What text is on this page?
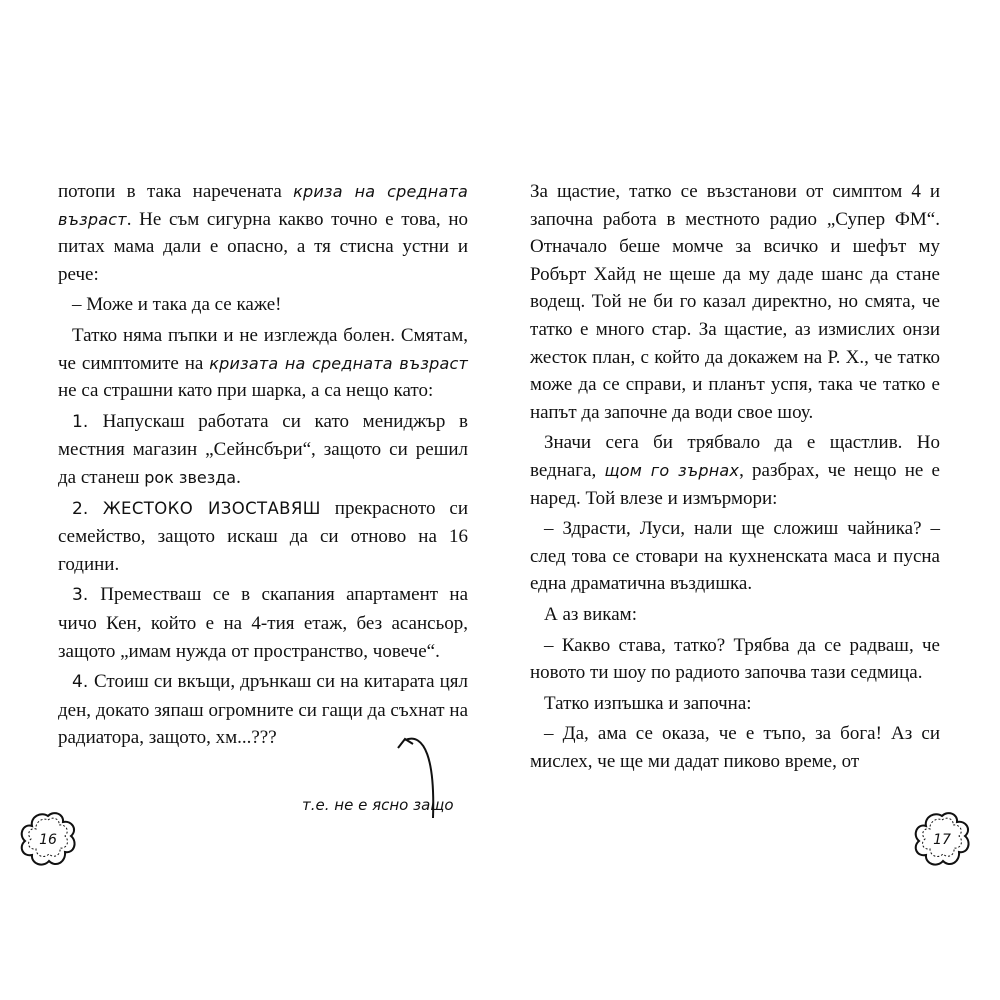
потопи в така наречената криза на средната възраст. Не съм сигурна какво точно е това, но питах мама дали е опасно, а тя стисна устни и рече:

– Може и така да се каже!

Татко няма пъпки и не изглежда болен. Смятам, че симптомите на кризата на средната възраст не са страшни като при шарка, а са нещо като:

1. Напускаш работата си като мениджър в местния магазин „Сейнсбъри“, защото си решил да станеш рок звезда.

2. ЖЕСТОКО ИЗОСТАВЯШ прекрасното си семейство, защото искаш да си отново на 16 години.

3. Преместваш се в скапания апартамент на чичо Кен, който е на 4-тия етаж, без асансьор, защото „имам нужда от пространство, човече“.

4. Стоиш си вкъщи, дрънкаш си на китарата цял ден, докато зяпаш огромните си гащи да съхнат на радиатора, защото, хм...???

За щастие, татко се възстанови от симптом 4 и започна работа в местното радио „Супер ФМ“. Отначало беше момче за всичко и шефът му Робърт Хайд не щеше да му даде шанс да стане водещ. Той не би го казал директно, но смята, че татко е много стар. За щастие, аз измислих онзи жесток план, с който да докажем на Р. Х., че татко може да се справи, и планът успя, така че татко е напът да започне да води свое шоу.

Значи сега би трябвало да е щастлив. Но веднага, щом го зърнах, разбрах, че нещо не е наред. Той влезе и измърмори:

– Здрасти, Луси, нали ще сложиш чайника? – след това се стовари на кухненската маса и пусна една драматична въздишка.

А аз викам:

– Какво става, татко? Трябва да се радваш, че новото ти шоу по радиото започва тази седмица.

Татко изпъшка и започна:

– Да, ама се оказа, че е тъпо, за бога! Аз си мислех, че ще ми дадат пиково време, от

т.е. не е ясно защо
16	17
